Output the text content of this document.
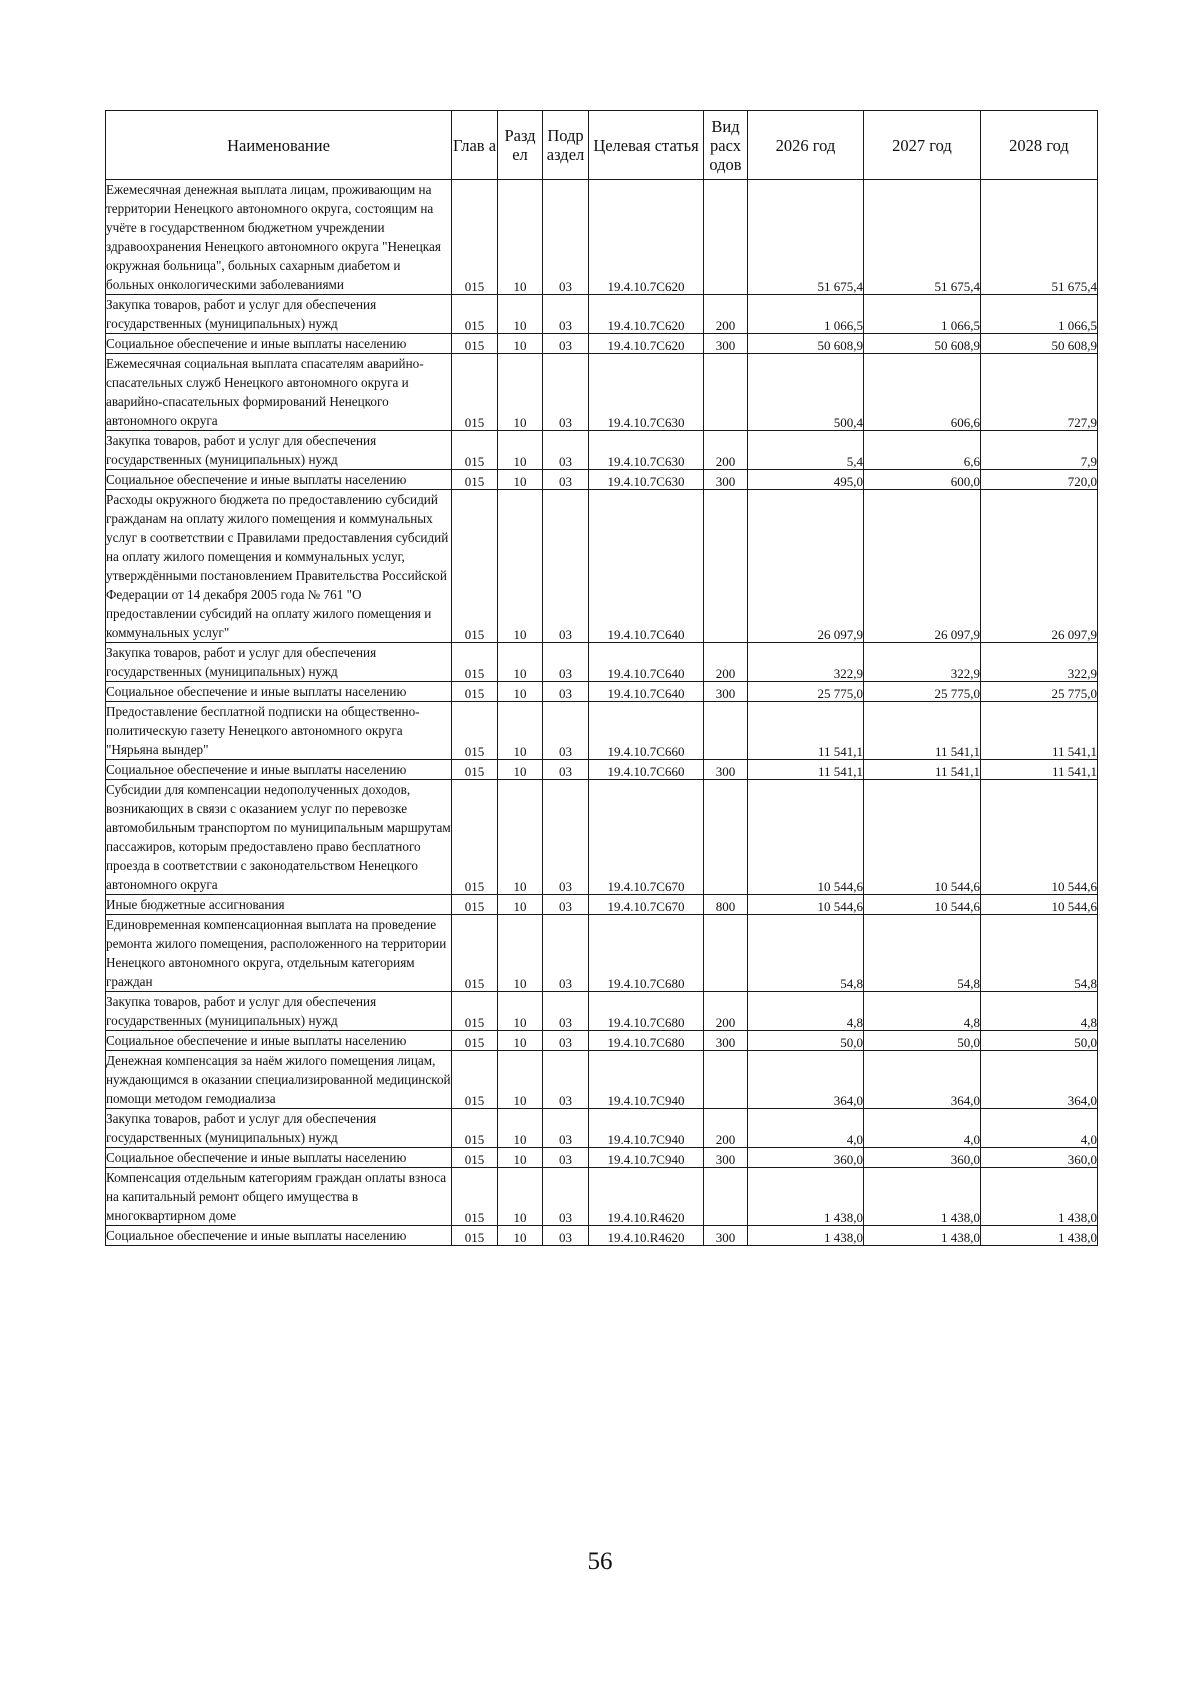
Наименование	Глав а	Разд ел	Подр аздел	Целевая статья	Вид расх одов	2026 год	2027 год	2028 год
Ежемесячная денежная выплата лицам, проживающим на территории Ненецкого автономного округа, состоящим на учёте в государственном бюджетном учреждении здравоохранения Ненецкого автономного округа "Ненецкая окружная больница", больных сахарным диабетом и больных онкологическими заболеваниями	015	10	03	19.4.10.7С620		51 675,4	51 675,4	51 675,4
Закупка товаров, работ и услуг для обеспечения государственных (муниципальных) нужд	015	10	03	19.4.10.7С620	200	1 066,5	1 066,5	1 066,5
Социальное обеспечение и иные выплаты населению	015	10	03	19.4.10.7С620	300	50 608,9	50 608,9	50 608,9
Ежемесячная социальная выплата спасателям аварийно-спасательных служб Ненецкого автономного округа и аварийно-спасательных формирований Ненецкого автономного округа	015	10	03	19.4.10.7С630		500,4	606,6	727,9
Закупка товаров, работ и услуг для обеспечения государственных (муниципальных) нужд	015	10	03	19.4.10.7С630	200	5,4	6,6	7,9
Социальное обеспечение и иные выплаты населению	015	10	03	19.4.10.7С630	300	495,0	600,0	720,0
Расходы окружного бюджета по предоставлению субсидий гражданам на оплату жилого помещения и коммунальных услуг в соответствии с Правилами предоставления субсидий на оплату жилого помещения и коммунальных услуг, утверждёнными постановлением Правительства Российской Федерации от 14 декабря 2005 года № 761 "О предоставлении субсидий на оплату жилого помещения и коммунальных услуг"	015	10	03	19.4.10.7С640		26 097,9	26 097,9	26 097,9
Закупка товаров, работ и услуг для обеспечения государственных (муниципальных) нужд	015	10	03	19.4.10.7С640	200	322,9	322,9	322,9
Социальное обеспечение и иные выплаты населению	015	10	03	19.4.10.7С640	300	25 775,0	25 775,0	25 775,0
Предоставление бесплатной подписки на общественно-политическую газету Ненецкого автономного округа "Нярьяна вындер"	015	10	03	19.4.10.7С660		11 541,1	11 541,1	11 541,1
Социальное обеспечение и иные выплаты населению	015	10	03	19.4.10.7С660	300	11 541,1	11 541,1	11 541,1
Субсидии для компенсации недополученных доходов, возникающих в связи с оказанием услуг по перевозке автомобильным транспортом по муниципальным маршрутам пассажиров, которым предоставлено право бесплатного проезда в соответствии с законодательством Ненецкого автономного округа	015	10	03	19.4.10.7С670		10 544,6	10 544,6	10 544,6
Иные бюджетные ассигнования	015	10	03	19.4.10.7С670	800	10 544,6	10 544,6	10 544,6
Единовременная компенсационная выплата на проведение ремонта жилого помещения, расположенного на территории Ненецкого автономного округа, отдельным категориям граждан	015	10	03	19.4.10.7С680		54,8	54,8	54,8
Закупка товаров, работ и услуг для обеспечения государственных (муниципальных) нужд	015	10	03	19.4.10.7С680	200	4,8	4,8	4,8
Социальное обеспечение и иные выплаты населению	015	10	03	19.4.10.7С680	300	50,0	50,0	50,0
Денежная компенсация за наём жилого помещения лицам, нуждающимся в оказании специализированной медицинской помощи методом гемодиализа	015	10	03	19.4.10.7С940		364,0	364,0	364,0
Закупка товаров, работ и услуг для обеспечения государственных (муниципальных) нужд	015	10	03	19.4.10.7С940	200	4,0	4,0	4,0
Социальное обеспечение и иные выплаты населению	015	10	03	19.4.10.7С940	300	360,0	360,0	360,0
Компенсация отдельным категориям граждан оплаты взноса на капитальный ремонт общего имущества в многоквартирном доме	015	10	03	19.4.10.R4620		1 438,0	1 438,0	1 438,0
Социальное обеспечение и иные выплаты населению	015	10	03	19.4.10.R4620	300	1 438,0	1 438,0	1 438,0
56
